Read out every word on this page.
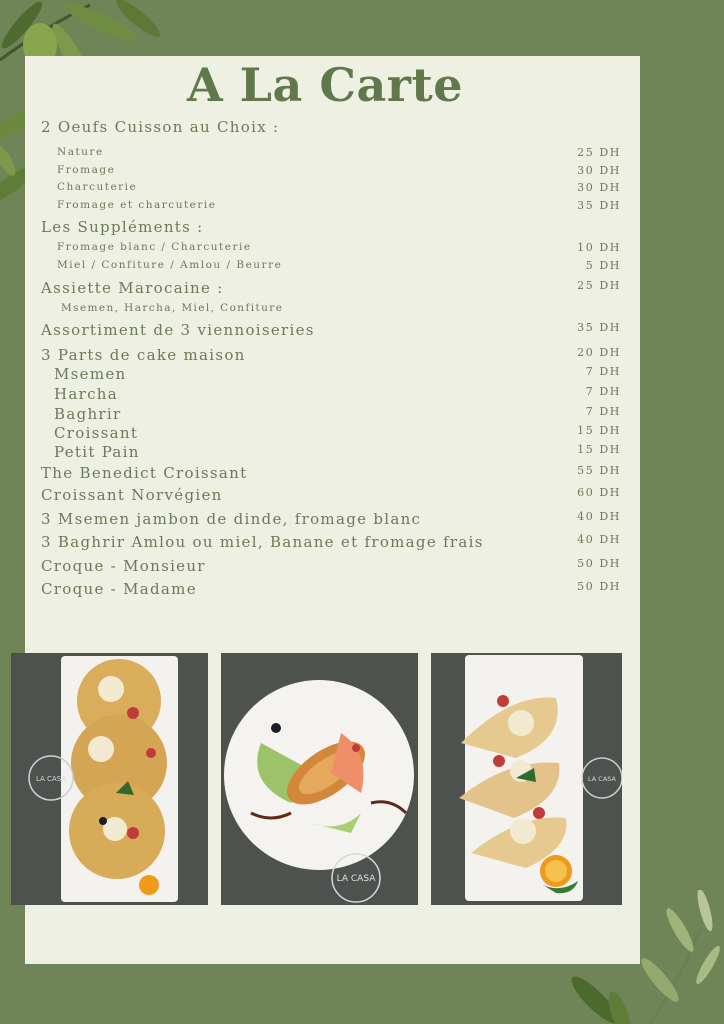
A La Carte
2 Oeufs Cuisson au Choix :
Nature	25 DH
Fromage	30 DH
Charcuterie	30 DH
Fromage et charcuterie	35 DH
Les Suppléments :
Fromage blanc / Charcuterie	10 DH
Miel / Confiture / Amlou / Beurre	5 DH
Assiette Marocaine :	25 DH
Msemen, Harcha, Miel, Confiture
Assortiment de 3 viennoiseries	35 DH
3 Parts de cake maison	20 DH
Msemen	7 DH
Harcha	7 DH
Baghrir	7 DH
Croissant	15 DH
Petit Pain	15 DH
The Benedict Croissant	55 DH
Croissant Norvégien	60 DH
3 Msemen jambon de dinde, fromage blanc	40 DH
3 Baghrir Amlou ou miel, Banane et fromage frais	40 DH
Croque - Monsieur	50 DH
Croque - Madame	50 DH
LA CASA
LA CASA
LA CASA
